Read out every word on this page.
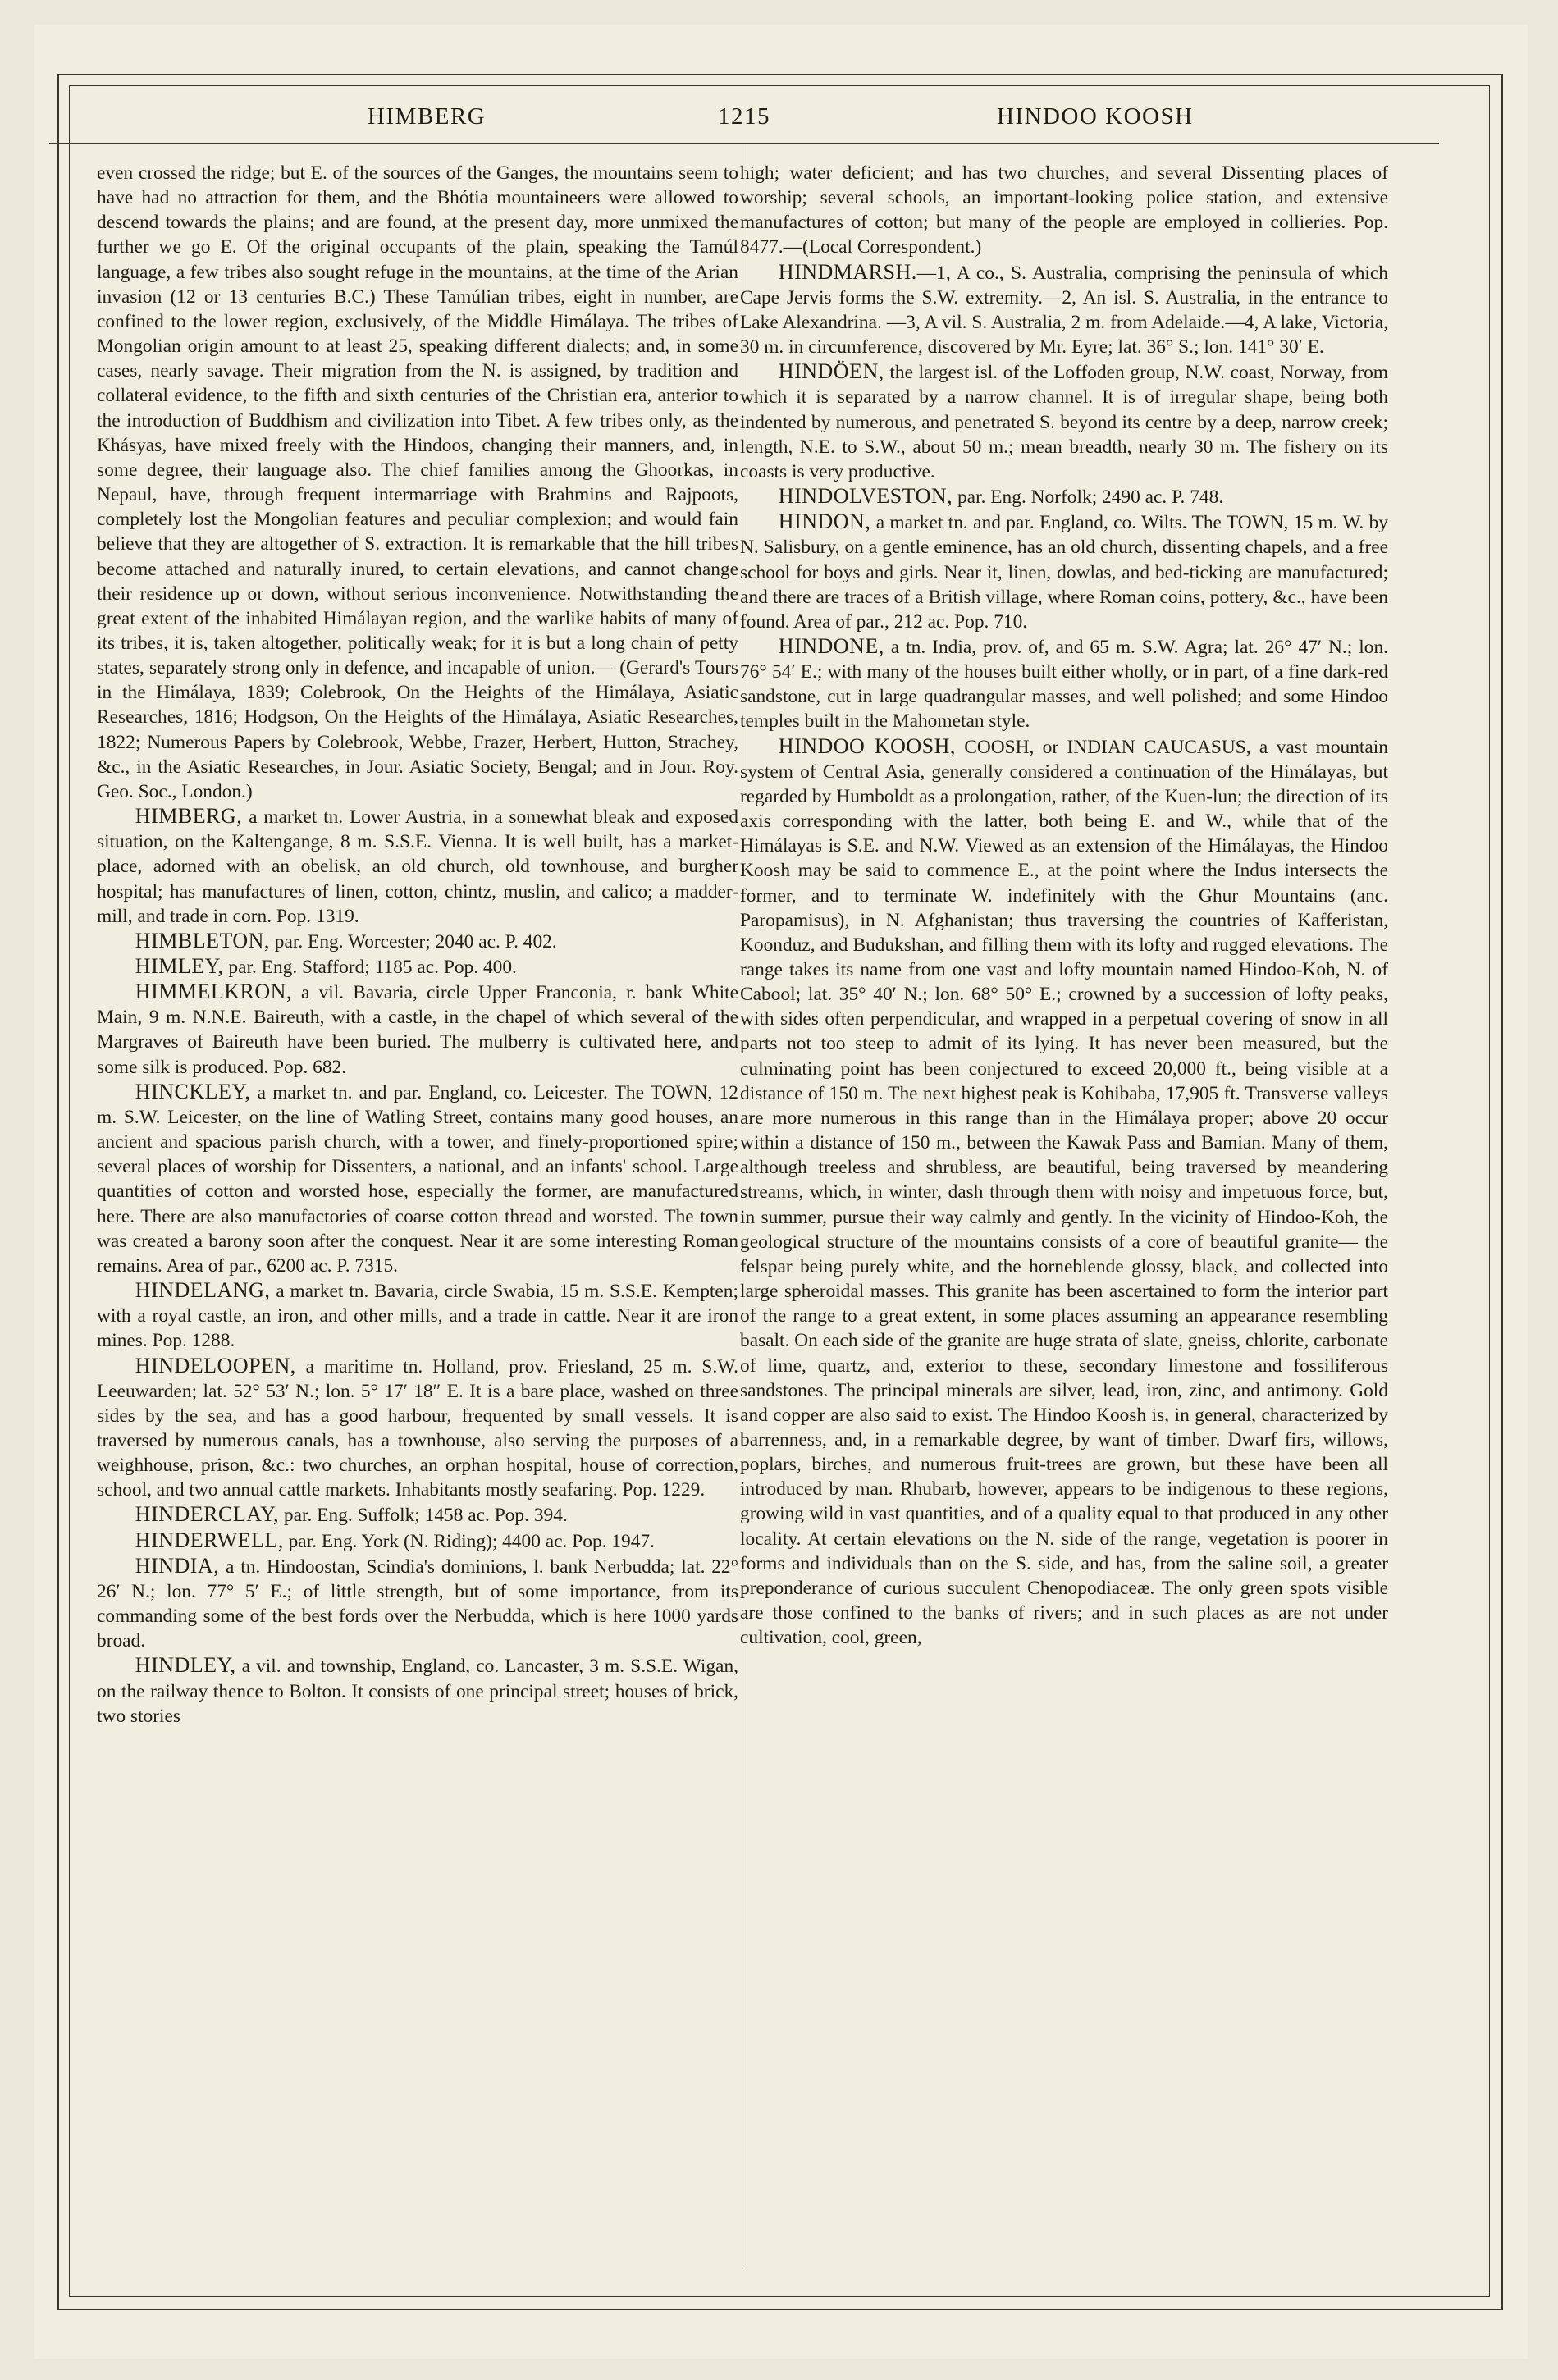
HIMBERG	1215	HINDOO KOOSH

even crossed the ridge; but E. of the sources of the Ganges, the mountains seem to have had no attraction for them, and the Bhótia mountaineers were allowed to descend towards the plains; and are found, at the present day, more unmixed the further we go E. Of the original occupants of the plain, speaking the Tamúl language, a few tribes also sought refuge in the mountains, at the time of the Arian invasion (12 or 13 centuries B.C.) These Tamúlian tribes, eight in number, are confined to the lower region, exclusively, of the Middle Himálaya. The tribes of Mongolian origin amount to at least 25, speaking different dialects; and, in some cases, nearly savage. Their migration from the N. is assigned, by tradition and collateral evidence, to the fifth and sixth centuries of the Christian era, anterior to the introduction of Buddhism and civilization into Tibet. A few tribes only, as the Khásyas, have mixed freely with the Hindoos, changing their manners, and, in some degree, their language also. The chief families among the Ghoorkas, in Nepaul, have, through frequent intermarriage with Brahmins and Rajpoots, completely lost the Mongolian features and peculiar complexion; and would fain believe that they are altogether of S. extraction. It is remarkable that the hill tribes become attached and naturally inured, to certain elevations, and cannot change their residence up or down, without serious inconvenience. Notwithstanding the great extent of the inhabited Himálayan region, and the warlike habits of many of its tribes, it is, taken altogether, politically weak; for it is but a long chain of petty states, separately strong only in defence, and incapable of union.— (Gerard's Tours in the Himálaya, 1839; Colebrook, On the Heights of the Himálaya, Asiatic Researches, 1816; Hodgson, On the Heights of the Himálaya, Asiatic Researches, 1822; Numerous Papers by Colebrook, Webbe, Frazer, Herbert, Hutton, Strachey, &c., in the Asiatic Researches, in Jour. Asiatic Society, Bengal; and in Jour. Roy. Geo. Soc., London.)

HIMBERG, a market tn. Lower Austria, in a somewhat bleak and exposed situation, on the Kaltengange, 8 m. S.S.E. Vienna. It is well built, has a market-place, adorned with an obelisk, an old church, old townhouse, and burgher hospital; has manufactures of linen, cotton, chintz, muslin, and calico; a madder-mill, and trade in corn. Pop. 1319.

HIMBLETON, par. Eng. Worcester; 2040 ac. P. 402.

HIMLEY, par. Eng. Stafford; 1185 ac. Pop. 400.

HIMMELKRON, a vil. Bavaria, circle Upper Franconia, r. bank White Main, 9 m. N.N.E. Baireuth, with a castle, in the chapel of which several of the Margraves of Baireuth have been buried. The mulberry is cultivated here, and some silk is produced. Pop. 682.

HINCKLEY, a market tn. and par. England, co. Leicester. The TOWN, 12 m. S.W. Leicester, on the line of Watling Street, contains many good houses, an ancient and spacious parish church, with a tower, and finely-proportioned spire; several places of worship for Dissenters, a national, and an infants' school. Large quantities of cotton and worsted hose, especially the former, are manufactured here. There are also manufactories of coarse cotton thread and worsted. The town was created a barony soon after the conquest. Near it are some interesting Roman remains. Area of par., 6200 ac. P. 7315.

HINDELANG, a market tn. Bavaria, circle Swabia, 15 m. S.S.E. Kempten; with a royal castle, an iron, and other mills, and a trade in cattle. Near it are iron mines. Pop. 1288.

HINDELOOPEN, a maritime tn. Holland, prov. Friesland, 25 m. S.W. Leeuwarden; lat. 52° 53′ N.; lon. 5° 17′ 18″ E. It is a bare place, washed on three sides by the sea, and has a good harbour, frequented by small vessels. It is traversed by numerous canals, has a townhouse, also serving the purposes of a weighhouse, prison, &c.: two churches, an orphan hospital, house of correction, school, and two annual cattle markets. Inhabitants mostly seafaring. Pop. 1229.

HINDERCLAY, par. Eng. Suffolk; 1458 ac. Pop. 394.

HINDERWELL, par. Eng. York (N. Riding); 4400 ac. Pop. 1947.

HINDIA, a tn. Hindoostan, Scindia's dominions, l. bank Nerbudda; lat. 22° 26′ N.; lon. 77° 5′ E.; of little strength, but of some importance, from its commanding some of the best fords over the Nerbudda, which is here 1000 yards broad.

HINDLEY, a vil. and township, England, co. Lancaster, 3 m. S.S.E. Wigan, on the railway thence to Bolton. It consists of one principal street; houses of brick, two stories

high; water deficient; and has two churches, and several Dissenting places of worship; several schools, an important-looking police station, and extensive manufactures of cotton; but many of the people are employed in collieries. Pop. 8477.—(Local Correspondent.)

HINDMARSH.—1, A co., S. Australia, comprising the peninsula of which Cape Jervis forms the S.W. extremity.—2, An isl. S. Australia, in the entrance to Lake Alexandrina. —3, A vil. S. Australia, 2 m. from Adelaide.—4, A lake, Victoria, 30 m. in circumference, discovered by Mr. Eyre; lat. 36° S.; lon. 141° 30′ E.

HINDÖEN, the largest isl. of the Loffoden group, N.W. coast, Norway, from which it is separated by a narrow channel. It is of irregular shape, being both indented by numerous, and penetrated S. beyond its centre by a deep, narrow creek; length, N.E. to S.W., about 50 m.; mean breadth, nearly 30 m. The fishery on its coasts is very productive.

HINDOLVESTON, par. Eng. Norfolk; 2490 ac. P. 748.

HINDON, a market tn. and par. England, co. Wilts. The TOWN, 15 m. W. by N. Salisbury, on a gentle eminence, has an old church, dissenting chapels, and a free school for boys and girls. Near it, linen, dowlas, and bed-ticking are manufactured; and there are traces of a British village, where Roman coins, pottery, &c., have been found. Area of par., 212 ac. Pop. 710.

HINDONE, a tn. India, prov. of, and 65 m. S.W. Agra; lat. 26° 47′ N.; lon. 76° 54′ E.; with many of the houses built either wholly, or in part, of a fine dark-red sandstone, cut in large quadrangular masses, and well polished; and some Hindoo temples built in the Mahometan style.

HINDOO KOOSH, COOSH, or INDIAN CAUCASUS, a vast mountain system of Central Asia, generally considered a continuation of the Himálayas, but regarded by Humboldt as a prolongation, rather, of the Kuen-lun; the direction of its axis corresponding with the latter, both being E. and W., while that of the Himálayas is S.E. and N.W. Viewed as an extension of the Himálayas, the Hindoo Koosh may be said to commence E., at the point where the Indus intersects the former, and to terminate W. indefinitely with the Ghur Mountains (anc. Paropamisus), in N. Afghanistan; thus traversing the countries of Kafferistan, Koonduz, and Budukshan, and filling them with its lofty and rugged elevations. The range takes its name from one vast and lofty mountain named Hindoo-Koh, N. of Cabool; lat. 35° 40′ N.; lon. 68° 50° E.; crowned by a succession of lofty peaks, with sides often perpendicular, and wrapped in a perpetual covering of snow in all parts not too steep to admit of its lying. It has never been measured, but the culminating point has been conjectured to exceed 20,000 ft., being visible at a distance of 150 m. The next highest peak is Kohibaba, 17,905 ft. Transverse valleys are more numerous in this range than in the Himálaya proper; above 20 occur within a distance of 150 m., between the Kawak Pass and Bamian. Many of them, although treeless and shrubless, are beautiful, being traversed by meandering streams, which, in winter, dash through them with noisy and impetuous force, but, in summer, pursue their way calmly and gently. In the vicinity of Hindoo-Koh, the geological structure of the mountains consists of a core of beautiful granite— the felspar being purely white, and the horneblende glossy, black, and collected into large spheroidal masses. This granite has been ascertained to form the interior part of the range to a great extent, in some places assuming an appearance resembling basalt. On each side of the granite are huge strata of slate, gneiss, chlorite, carbonate of lime, quartz, and, exterior to these, secondary limestone and fossiliferous sandstones. The principal minerals are silver, lead, iron, zinc, and antimony. Gold and copper are also said to exist. The Hindoo Koosh is, in general, characterized by barrenness, and, in a remarkable degree, by want of timber. Dwarf firs, willows, poplars, birches, and numerous fruit-trees are grown, but these have been all introduced by man. Rhubarb, however, appears to be indigenous to these regions, growing wild in vast quantities, and of a quality equal to that produced in any other locality. At certain elevations on the N. side of the range, vegetation is poorer in forms and individuals than on the S. side, and has, from the saline soil, a greater preponderance of curious succulent Chenopodiaceæ. The only green spots visible are those confined to the banks of rivers; and in such places as are not under cultivation, cool, green,
